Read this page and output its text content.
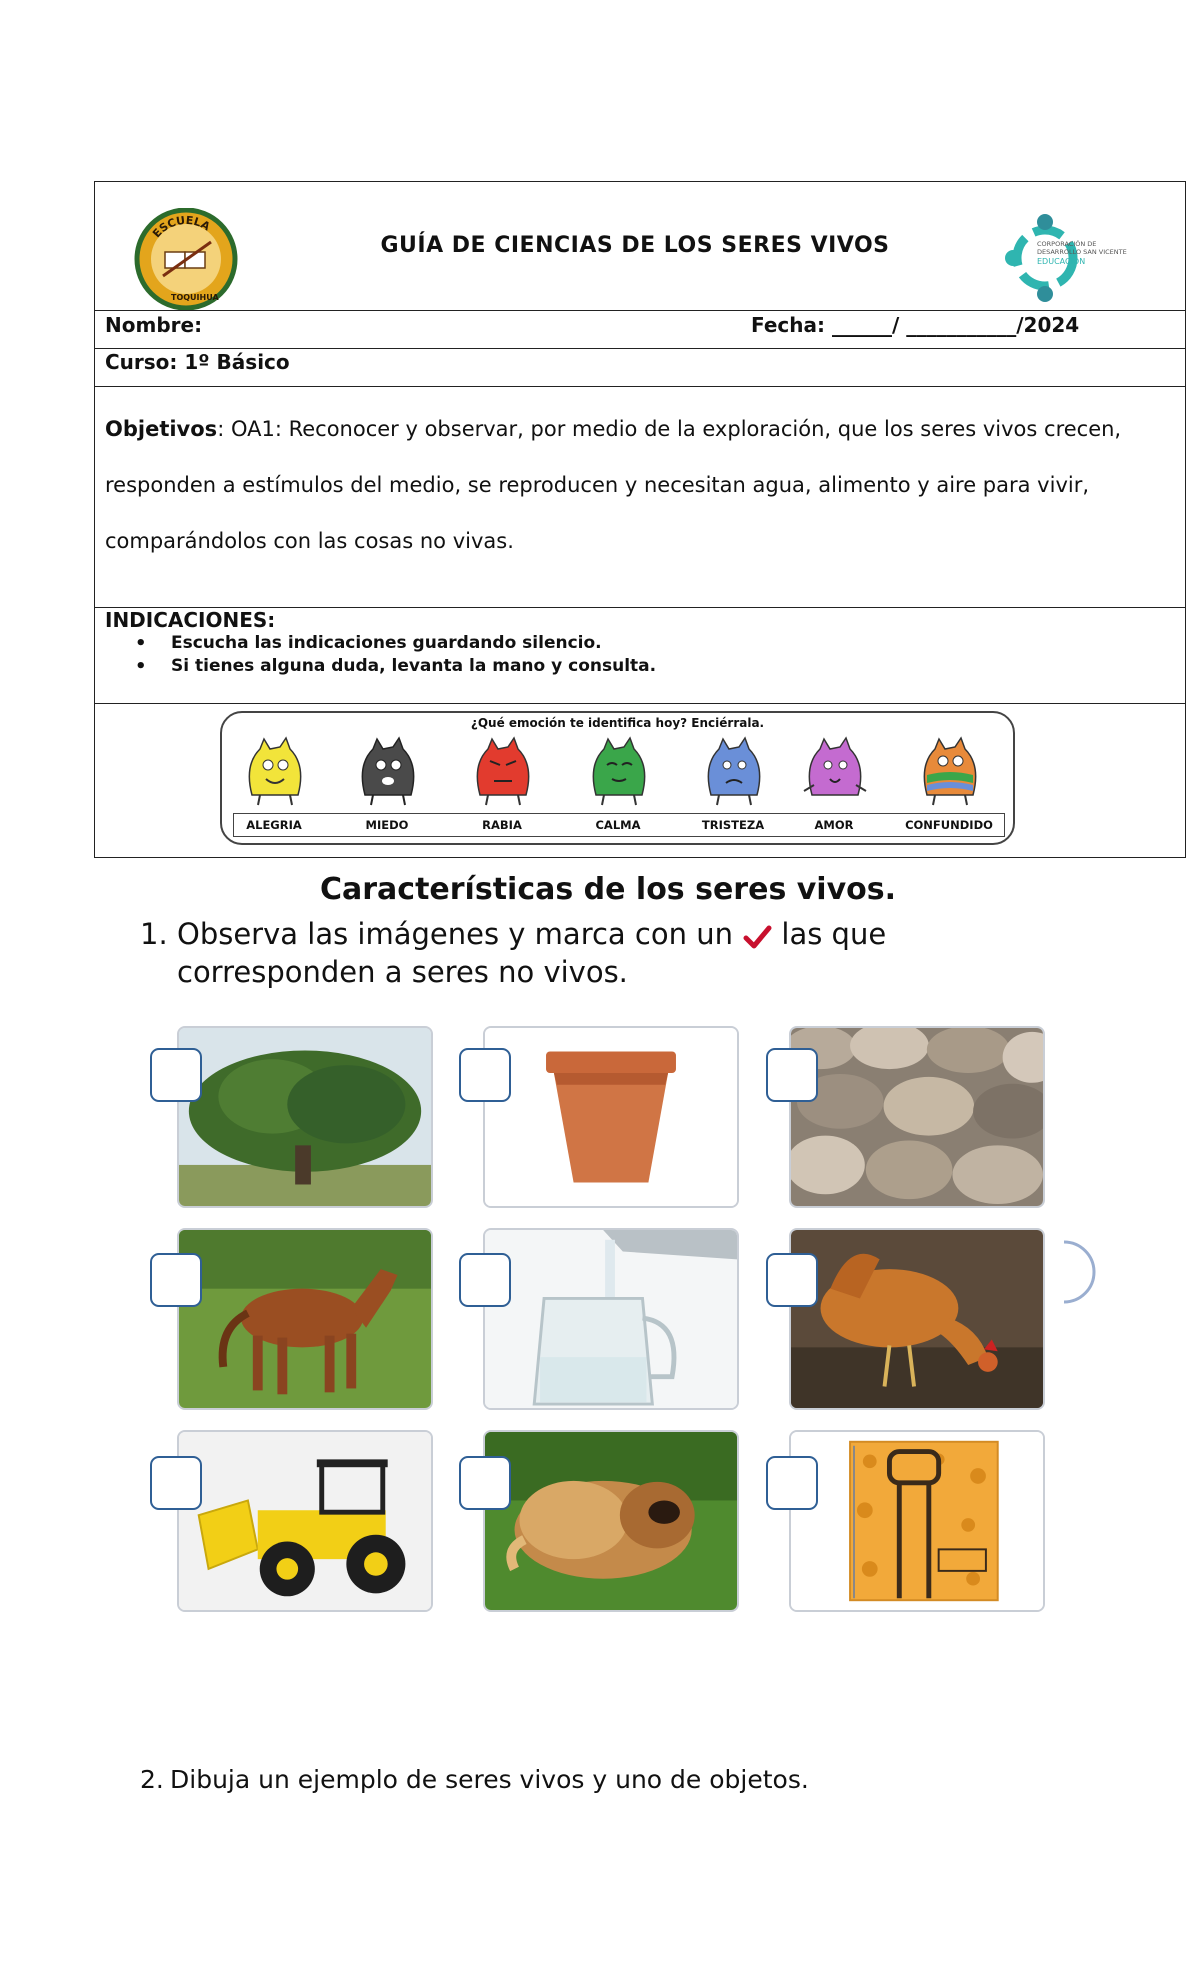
ESCUELA
TOQUIHUA
GUÍA DE CIENCIAS DE LOS SERES VIVOS	CORPORACIÓN DE
DESARROLLO SAN VICENTE
EDUCACIÓN
Nombre:	Fecha: ______/ ___________/2024
Curso: 1º Básico
Objetivos: OA1: Reconocer y observar, por medio de la exploración, que los seres vivos crecen, responden a estímulos del medio, se reproducen y necesitan agua, alimento y aire para vivir, comparándolos con las cosas no vivas.
INDICACIONES:
• Escucha las indicaciones guardando silencio.
• Si tienes alguna duda, levanta la mano y consulta.
¿Qué emoción te identifica hoy? Enciérrala.
ALEGRIA	MIEDO	RABIA	CALMA	TRISTEZA	AMOR	CONFUNDIDO
Características de los seres vivos.
1. Observa las imágenes y marca con un las que corresponden a seres no vivos.
2. Dibuja un ejemplo de seres vivos y uno de objetos.
